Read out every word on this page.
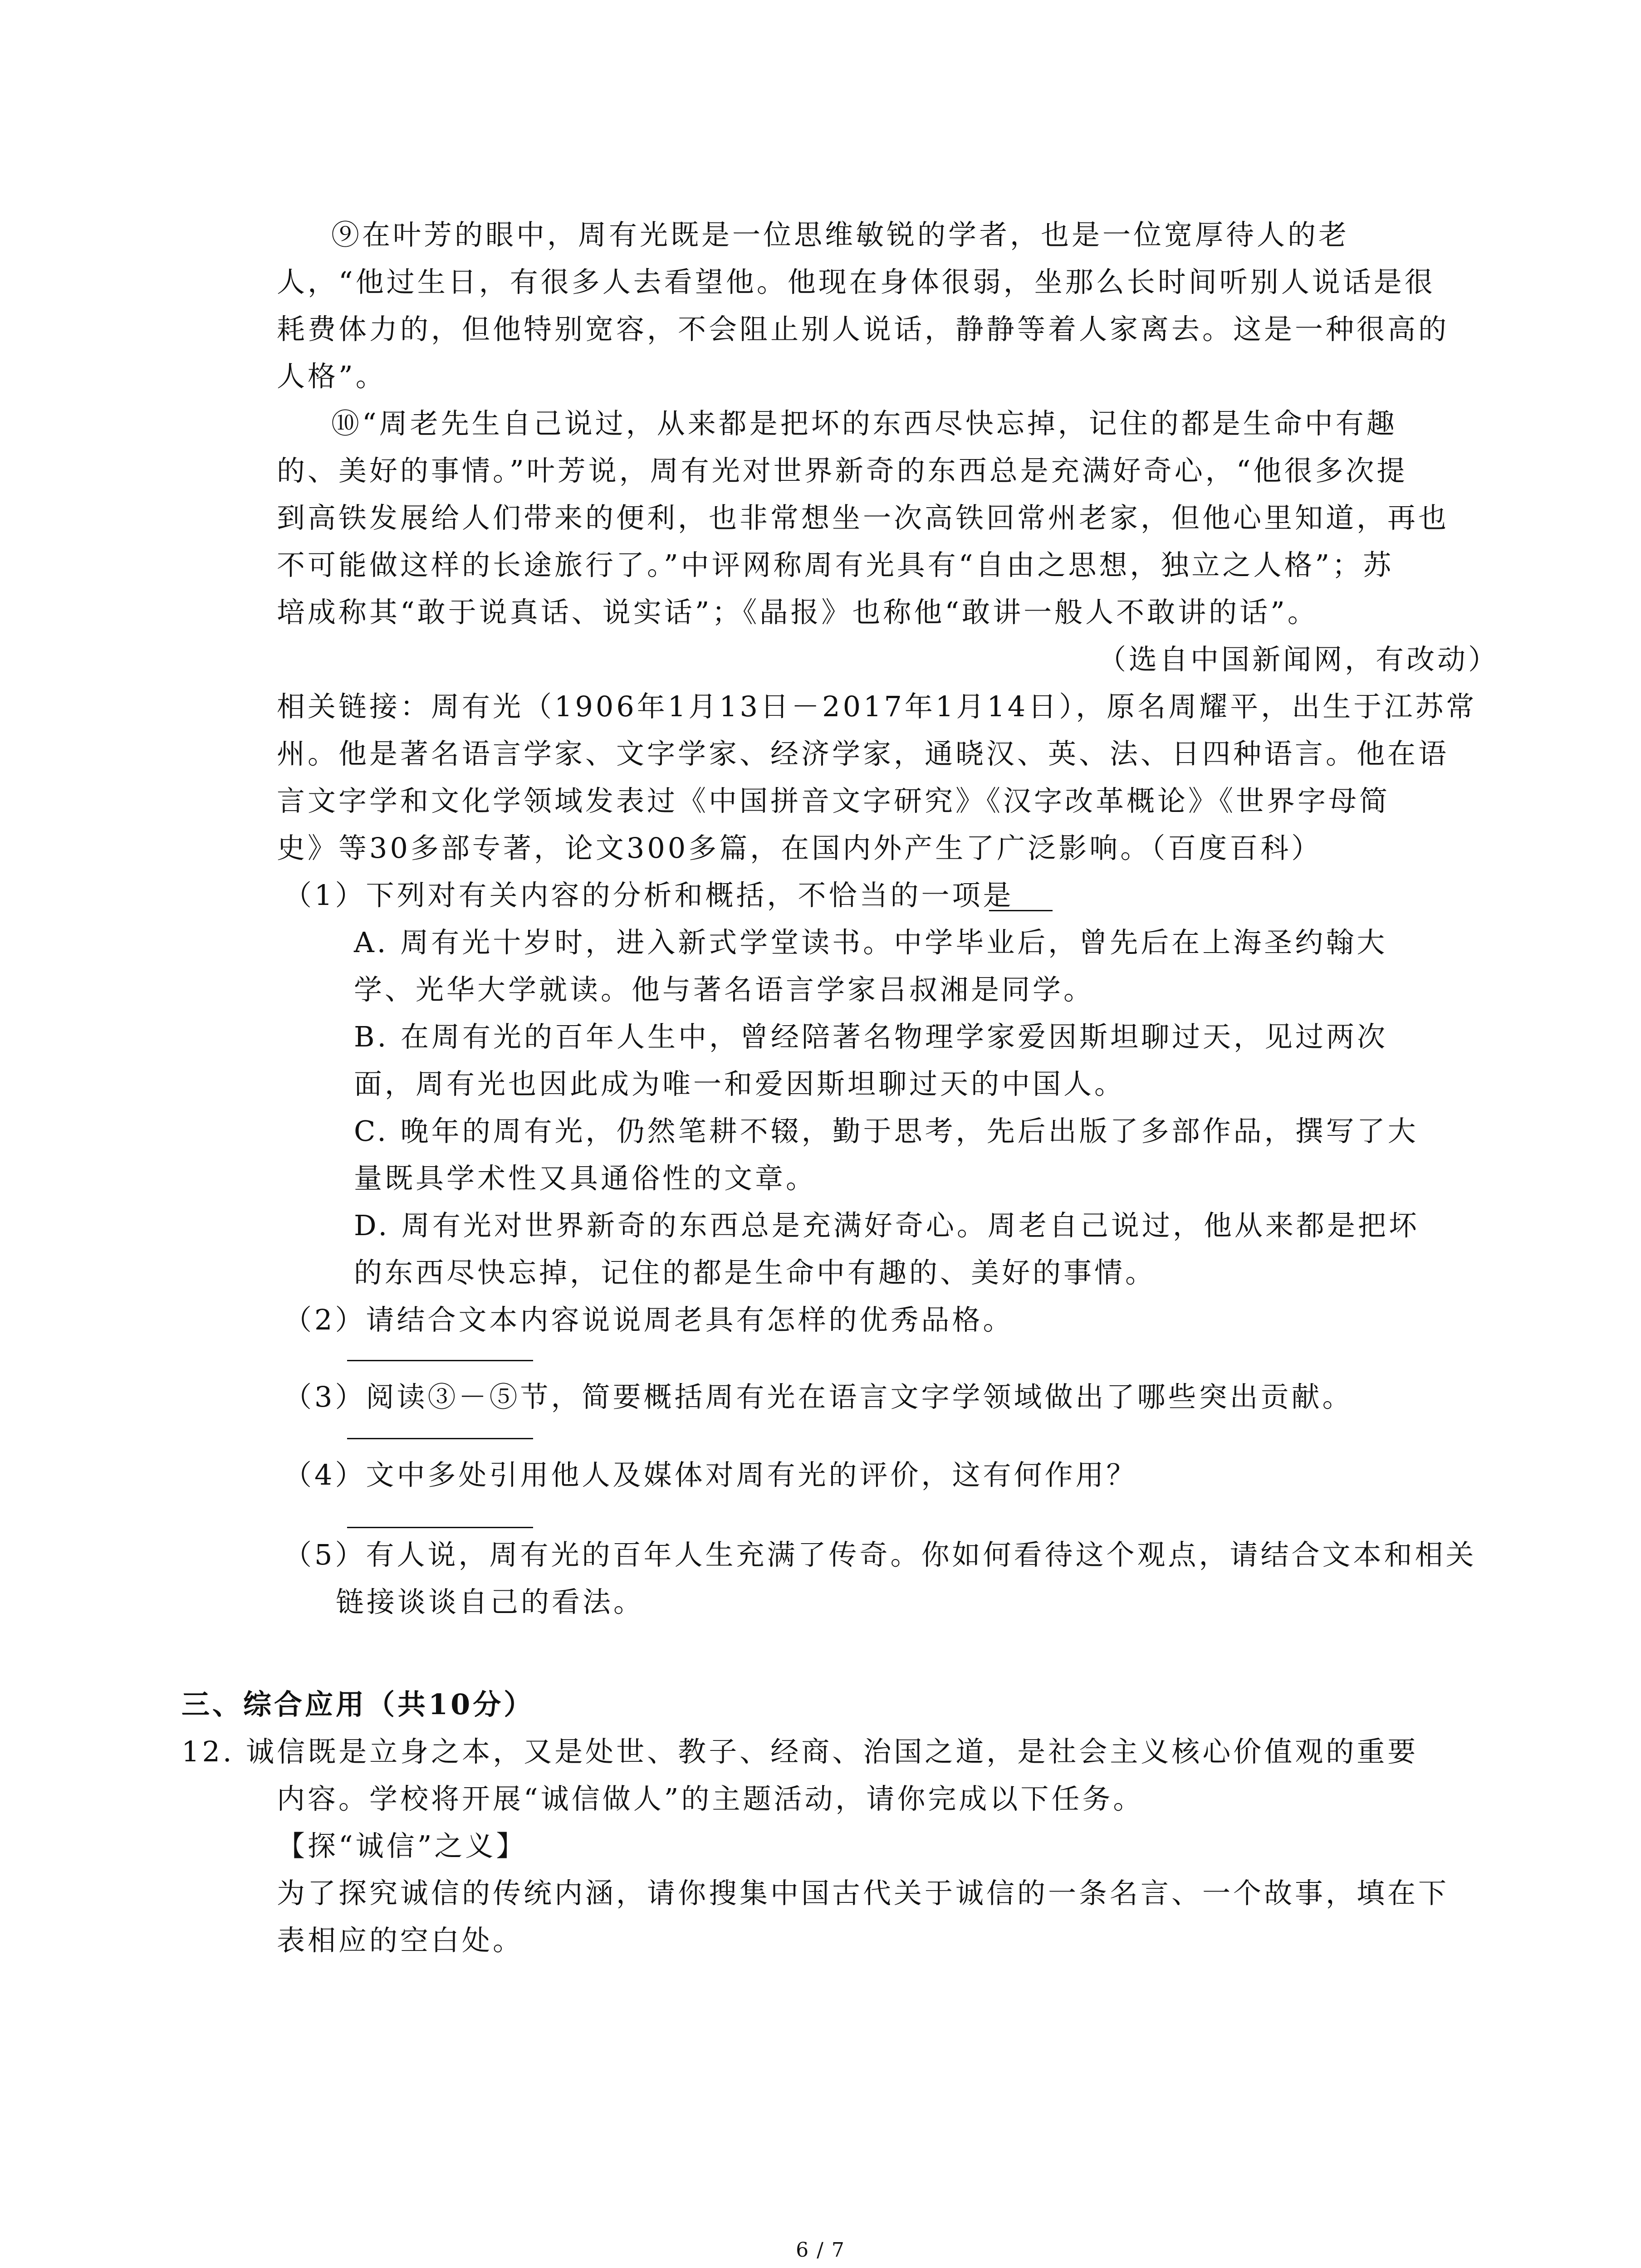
⑨在叶芳的眼中，周有光既是一位思维敏锐的学者，也是一位宽厚待人的老
人，“他过生日，有很多人去看望他。他现在身体很弱，坐那么长时间听别人说话是很
耗费体力的，但他特别宽容，不会阻止别人说话，静静等着人家离去。这是一种很高的
人格”。
⑩“周老先生自己说过，从来都是把坏的东西尽快忘掉，记住的都是生命中有趣
的、美好的事情。”叶芳说，周有光对世界新奇的东西总是充满好奇心，“他很多次提
到高铁发展给人们带来的便利，也非常想坐一次高铁回常州老家，但他心里知道，再也
不可能做这样的长途旅行了。”中评网称周有光具有“自由之思想，独立之人格”；苏
培成称其“敢于说真话、说实话”；《晶报》也称他“敢讲一般人不敢讲的话”。
（选自中国新闻网，有改动）
相关链接：周有光（1906年1月13日－2017年1月14日），原名周耀平，出生于江苏常
州。他是著名语言学家、文字学家、经济学家，通晓汉、英、法、日四种语言。他在语
言文字学和文化学领域发表过《中国拼音文字研究》《汉字改革概论》《世界字母简
史》等30多部专著，论文300多篇，在国内外产生了广泛影响。（百度百科）
（1）下列对有关内容的分析和概括，不恰当的一项是
A. 周有光十岁时，进入新式学堂读书。中学毕业后，曾先后在上海圣约翰大
学、光华大学就读。他与著名语言学家吕叔湘是同学。
B. 在周有光的百年人生中，曾经陪著名物理学家爱因斯坦聊过天，见过两次
面，周有光也因此成为唯一和爱因斯坦聊过天的中国人。
C. 晚年的周有光，仍然笔耕不辍，勤于思考，先后出版了多部作品，撰写了大
量既具学术性又具通俗性的文章。
D. 周有光对世界新奇的东西总是充满好奇心。周老自己说过，他从来都是把坏
的东西尽快忘掉，记住的都是生命中有趣的、美好的事情。
（2）请结合文本内容说说周老具有怎样的优秀品格。
（3）阅读③－⑤节，简要概括周有光在语言文字学领域做出了哪些突出贡献。
（4）文中多处引用他人及媒体对周有光的评价，这有何作用？
（5）有人说，周有光的百年人生充满了传奇。你如何看待这个观点，请结合文本和相关
链接谈谈自己的看法。
三、综合应用（共10分）
12. 诚信既是立身之本，又是处世、教子、经商、治国之道，是社会主义核心价值观的重要
内容。学校将开展“诚信做人”的主题活动，请你完成以下任务。
【探“诚信”之义】
为了探究诚信的传统内涵，请你搜集中国古代关于诚信的一条名言、一个故事，填在下
表相应的空白处。
6 / 7
